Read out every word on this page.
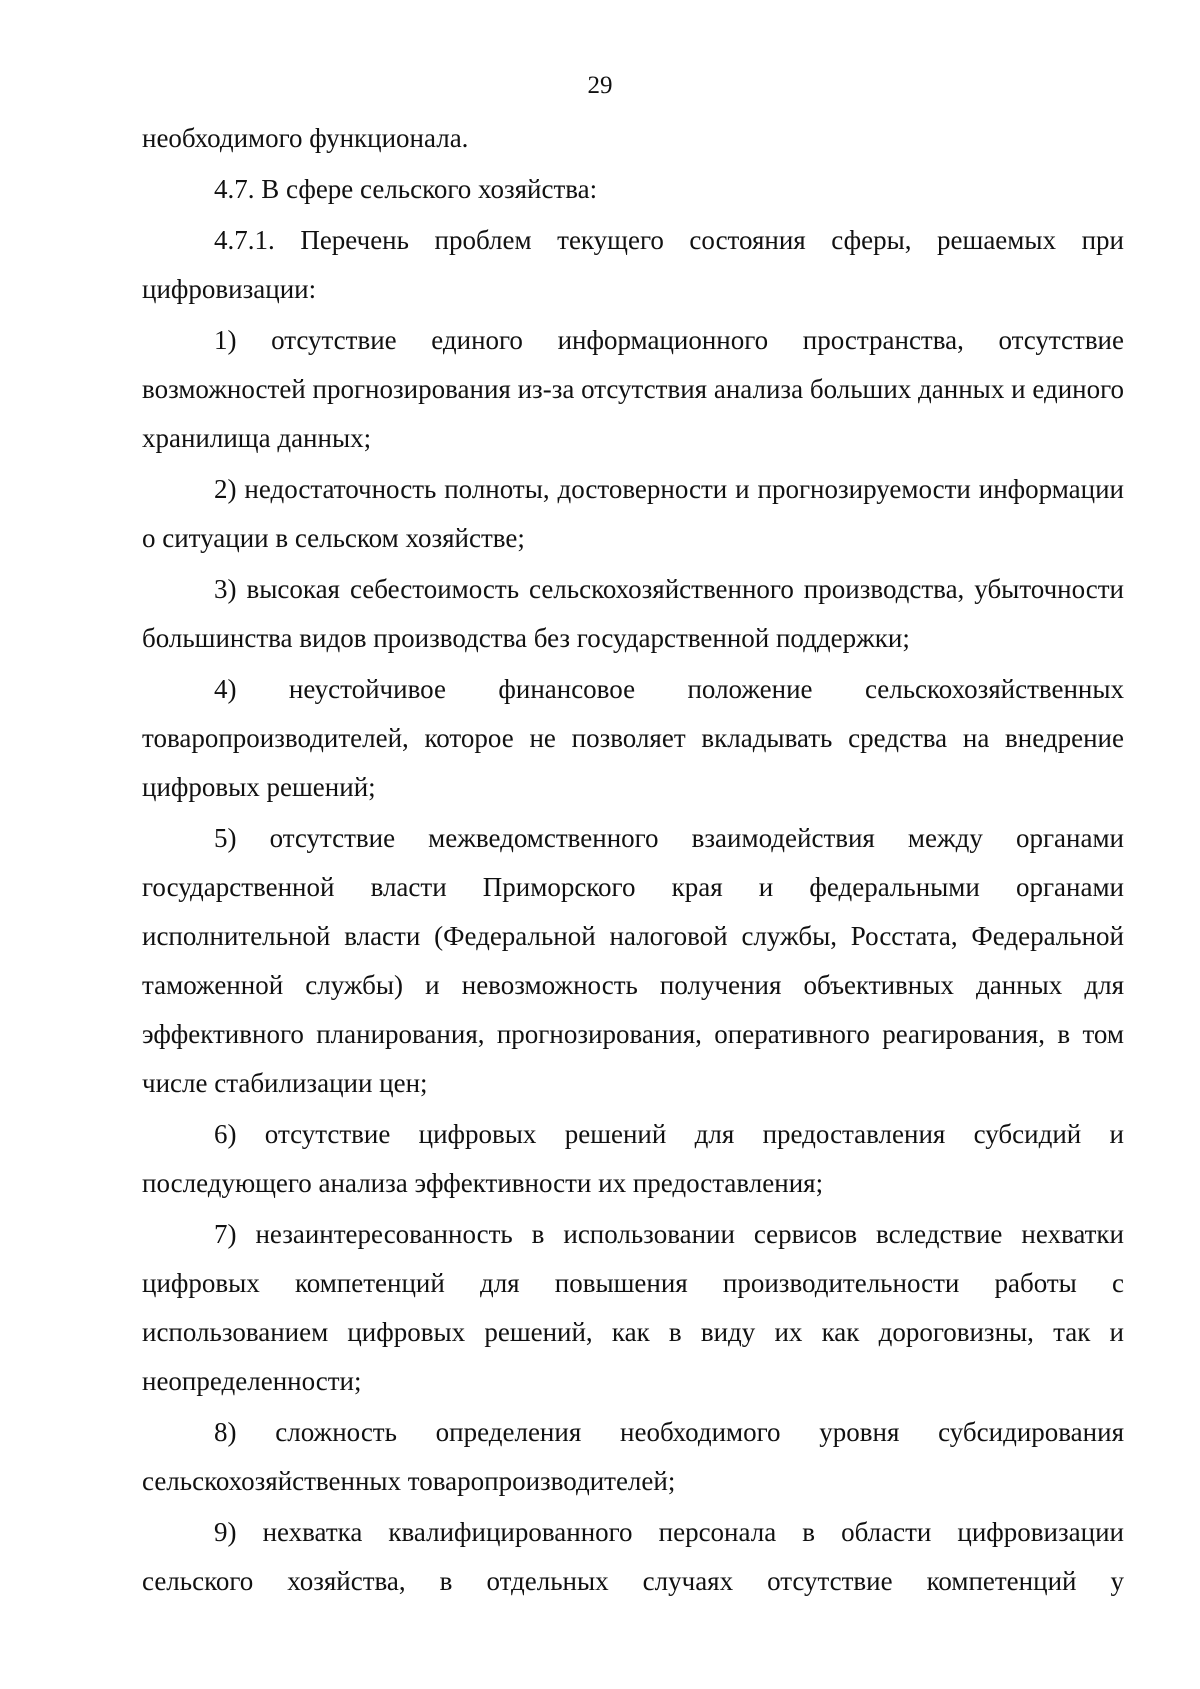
29

необходимого функционала.

4.7. В сфере сельского хозяйства:

4.7.1. Перечень проблем текущего состояния сферы, решаемых при цифровизации:

1) отсутствие единого информационного пространства, отсутствие возможностей прогнозирования из-за отсутствия анализа больших данных и единого хранилища данных;

2) недостаточность полноты, достоверности и прогнозируемости информации о ситуации в сельском хозяйстве;

3) высокая себестоимость сельскохозяйственного производства, убыточности большинства видов производства без государственной поддержки;

4) неустойчивое финансовое положение сельскохозяйственных товаропроизводителей, которое не позволяет вкладывать средства на внедрение цифровых решений;

5) отсутствие межведомственного взаимодействия между органами государственной власти Приморского края и федеральными органами исполнительной власти (Федеральной налоговой службы, Росстата, Федеральной таможенной службы) и невозможность получения объективных данных для эффективного планирования, прогнозирования, оперативного реагирования, в том числе стабилизации цен;

6) отсутствие цифровых решений для предоставления субсидий и последующего анализа эффективности их предоставления;

7) незаинтересованность в использовании сервисов вследствие нехватки цифровых компетенций для повышения производительности работы с использованием цифровых решений, как в виду их как дороговизны, так и неопределенности;

8) сложность определения необходимого уровня субсидирования сельскохозяйственных товаропроизводителей;

9) нехватка квалифицированного персонала в области цифровизации сельского хозяйства, в отдельных случаях отсутствие компетенций у
